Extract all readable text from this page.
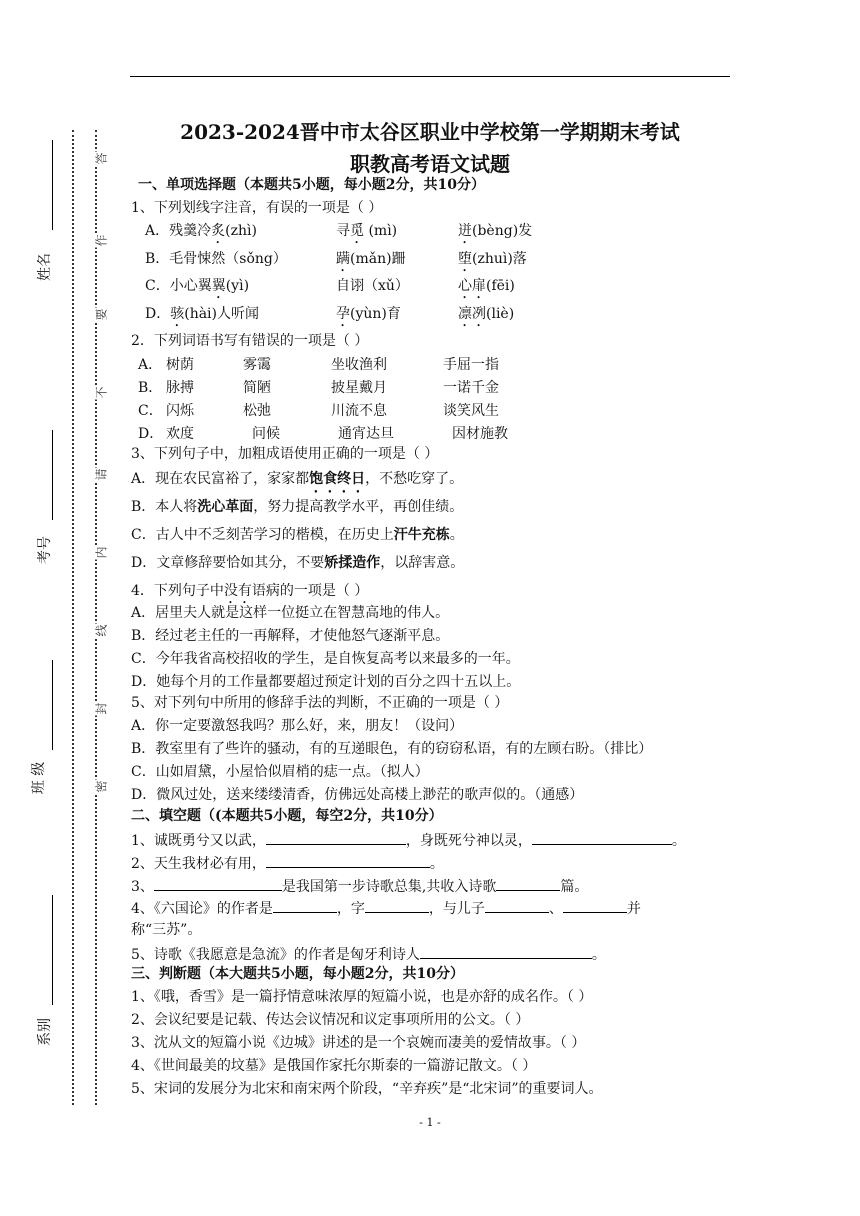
2023-2024晋中市太谷区职业中学校第一学期期末考试
职教高考语文试题
姓名
考号
班 级
系别
答
作
要
不
请
内
线
封
密
一、单项选择题（本题共5小题，每小题2分，共10分）
1、下列划线字注音，有误的一项是（ ）
A．残羹冷炙(zhì)	寻觅 (mì)	迸(bèng)发
B．毛骨悚然（sǒng）	蹒(mǎn)跚	堕(zhuì)落
C．小心翼翼(yì)	自诩（xǔ）	心扉(fēi)
D．骇(hài)人听闻	孕(yùn)育	凛冽(liè)
2．下列词语书写有错误的一项是（ ）
A． 树荫	雾霭	坐收渔利	手屈一指
B． 脉搏	简陋	披星戴月	一诺千金
C． 闪烁	松弛	川流不息	谈笑风生
D． 欢度	问候	通宵达旦	因材施教
3、下列句子中，加粗成语使用正确的一项是（ ）
A．现在农民富裕了，家家都饱食终日，不愁吃穿了。
B．本人将洗心革面，努力提高教学水平，再创佳绩。
C．古人中不乏刻苦学习的楷模，在历史上汗牛充栋。
D．文章修辞要恰如其分，不要矫揉造作，以辞害意。
4．下列句子中没有语病的一项是（ ）
A．居里夫人就是这样一位挺立在智慧高地的伟人。
B．经过老主任的一再解释，才使他怒气逐渐平息。
C．今年我省高校招收的学生，是自恢复高考以来最多的一年。
D．她每个月的工作量都要超过预定计划的百分之四十五以上。
5、对下列句中所用的修辞手法的判断，不正确的一项是（ ）
A．你一定要激怒我吗？那么好，来，朋友！（设问）
B．教室里有了些许的骚动，有的互递眼色，有的窃窃私语，有的左顾右盼。（排比）
C．山如眉黛，小屋恰似眉梢的痣一点。（拟人）
D．微风过处，送来缕缕清香，仿佛远处高楼上渺茫的歌声似的。（通感）
二、填空题（(本题共5小题，每空2分，共10分）
1、诚既勇兮又以武，	，身既死兮神以灵，	。
2、天生我材必有用，	。
3、	是我国第一步诗歌总集,共收入诗歌	篇。
4、《六国论》的作者是	，字	，与儿子	、	并
称“三苏”。
5、诗歌《我愿意是急流》的作者是匈牙利诗人	。
三、判断题（本大题共5小题，每小题2分，共10分）
1、《哦，香雪》是一篇抒情意味浓厚的短篇小说，也是亦舒的成名作。（ ）
2、会议纪要是记载、传达会议情况和议定事项所用的公文。（ ）
3、沈从文的短篇小说《边城》讲述的是一个哀婉而凄美的爱情故事。（ ）
4、《世间最美的坟墓》是俄国作家托尔斯泰的一篇游记散文。（ ）
5、宋词的发展分为北宋和南宋两个阶段，“辛弃疾”是“北宋词”的重要词人。
- 1 -
